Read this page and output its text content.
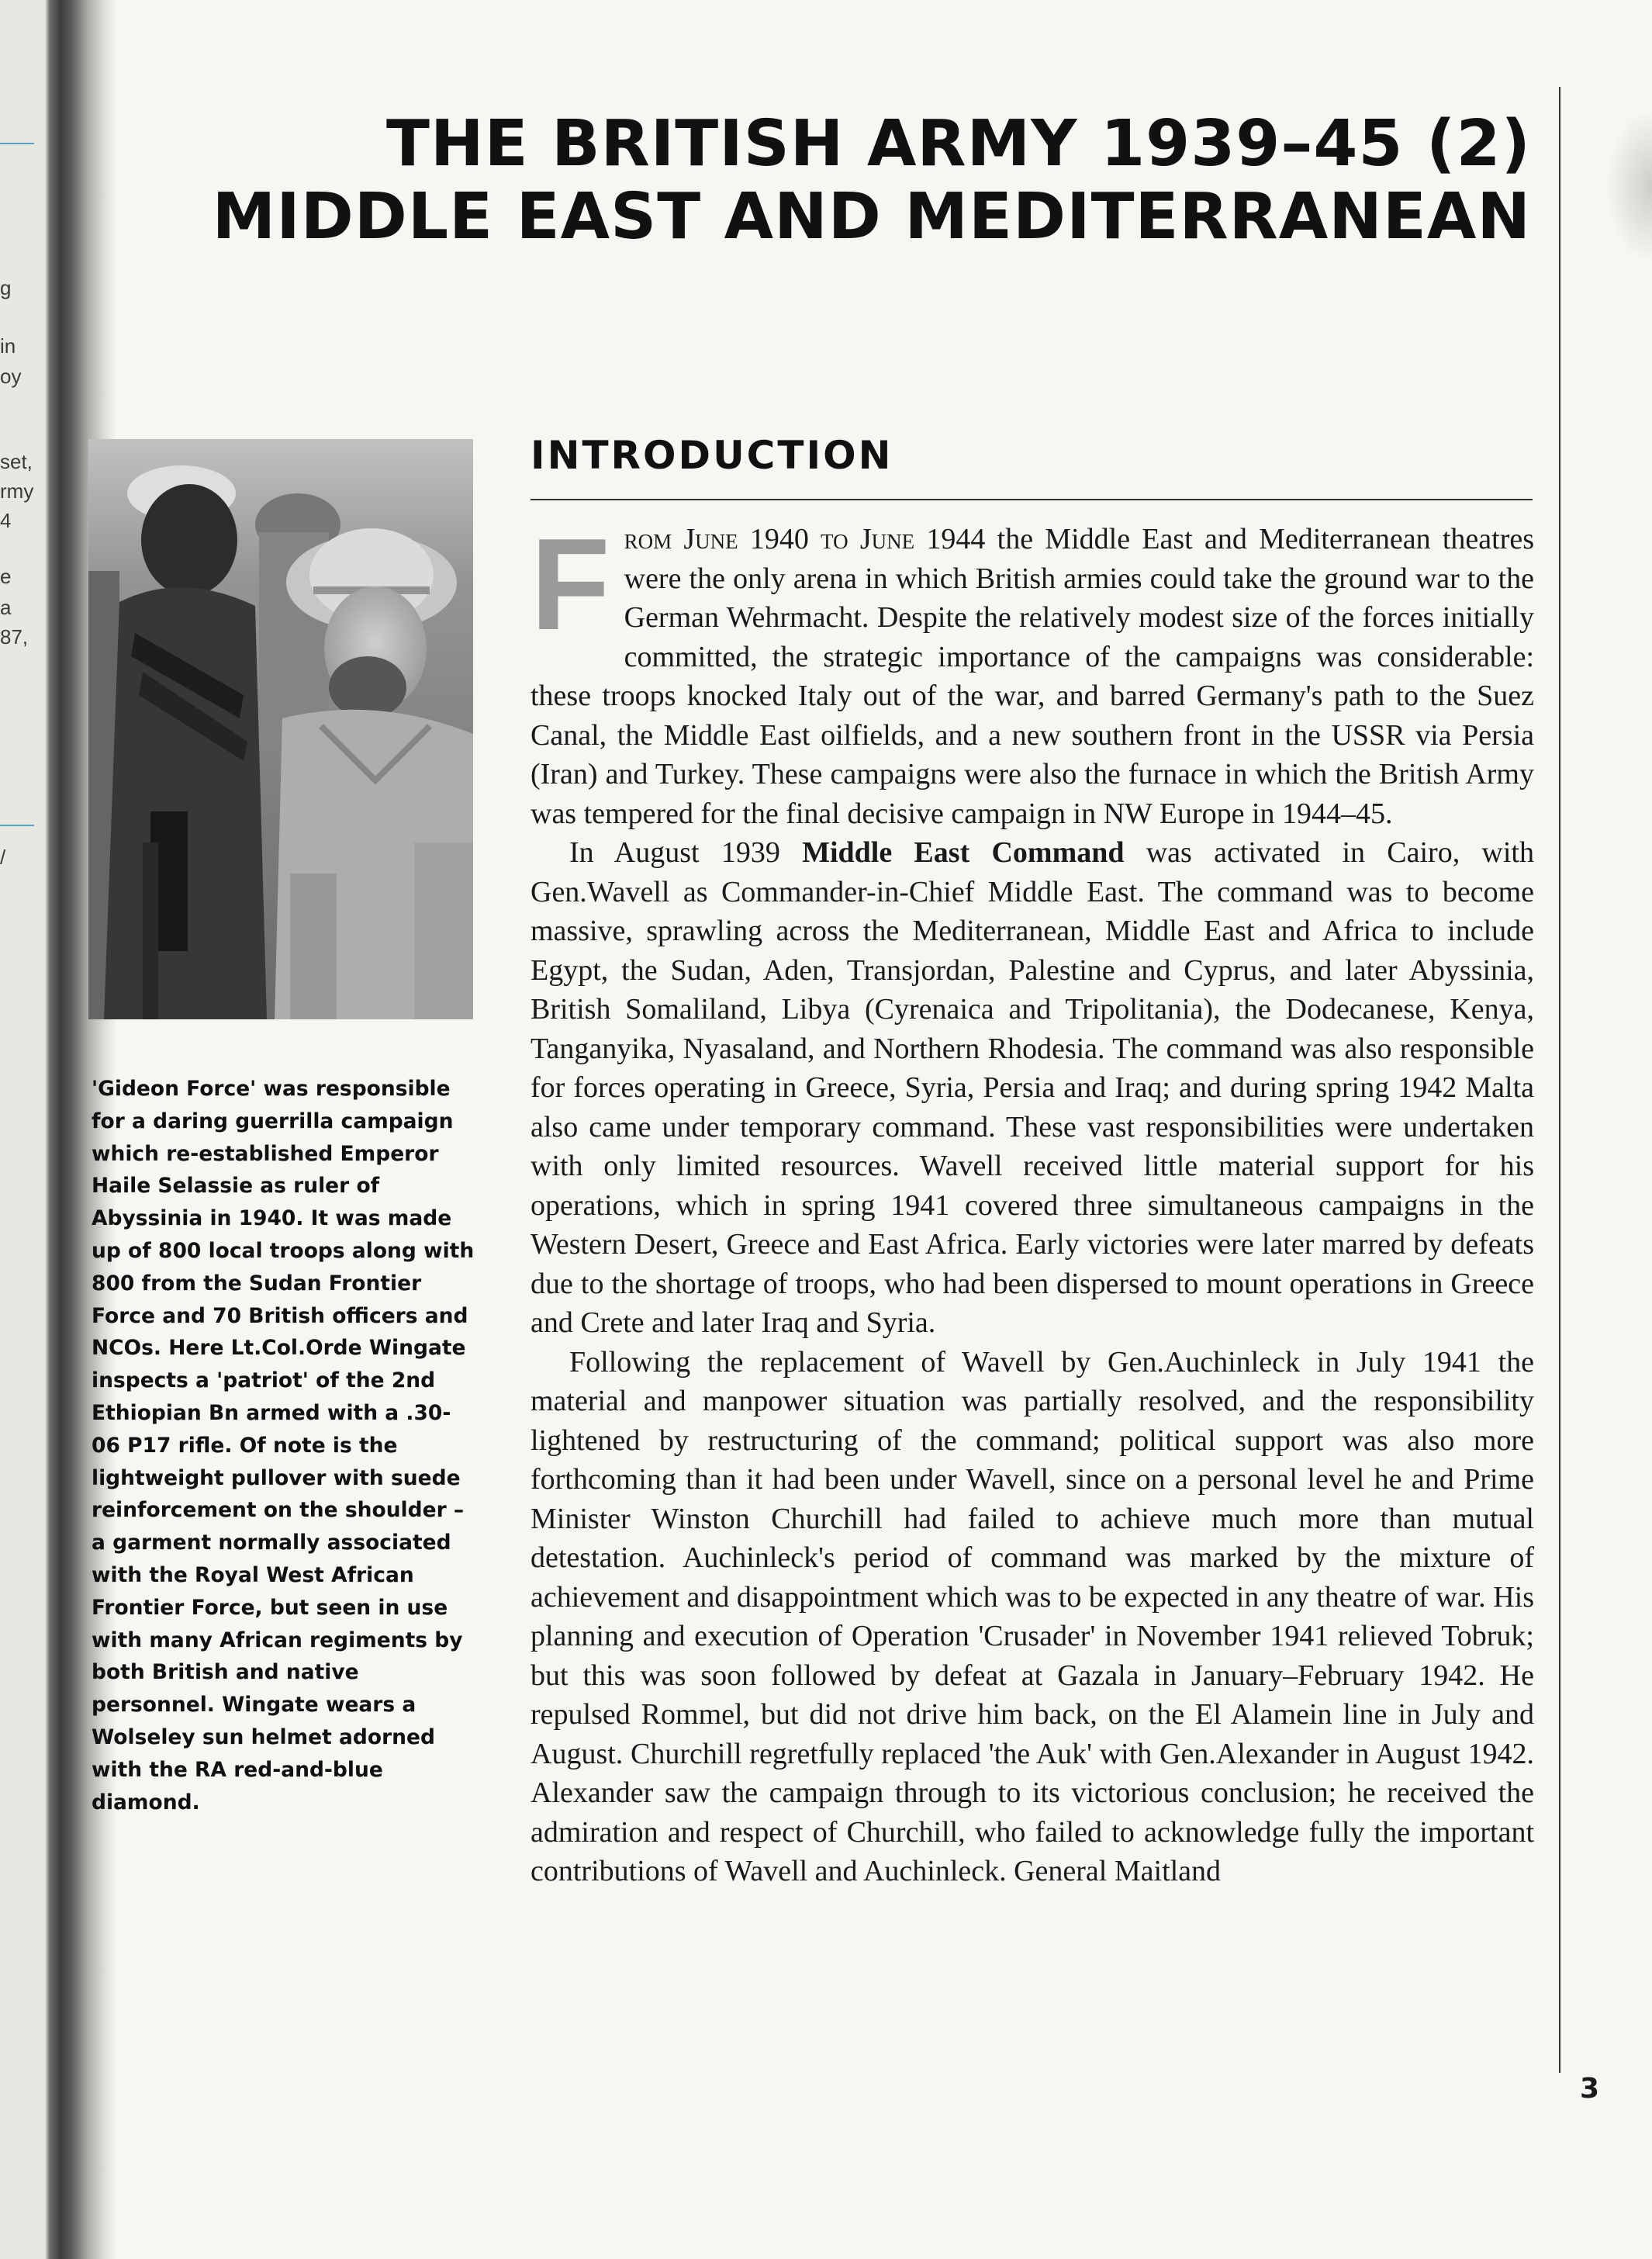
g
in
oy
set,
rmy
4
e
a
87,
/
THE BRITISH ARMY 1939–45 (2)
MIDDLE EAST AND MEDITERRANEAN
3

'Gideon Force' was responsible for a daring guerrilla campaign which re-established Emperor Haile Selassie as ruler of Abyssinia in 1940. It was made up of 800 local troops along with 800 from the Sudan Frontier Force and 70 British officers and NCOs. Here Lt.Col.Orde Wingate inspects a 'patriot' of the 2nd Ethiopian Bn armed with a .30-06 P17 rifle. Of note is the lightweight pullover with suede reinforcement on the shoulder – a garment normally associated with the Royal West African Frontier Force, but seen in use with many African regiments by both British and native personnel. Wingate wears a Wolseley sun helmet adorned with the RA red-and-blue diamond.

INTRODUCTION

From June 1940 to June 1944 the Middle East and Mediterranean theatres were the only arena in which British armies could take the ground war to the German Wehrmacht. Despite the relatively modest size of the forces initially committed, the strategic importance of the campaigns was considerable: these troops knocked Italy out of the war, and barred Germany's path to the Suez Canal, the Middle East oilfields, and a new southern front in the USSR via Persia (Iran) and Turkey. These campaigns were also the furnace in which the British Army was tempered for the final decisive campaign in NW Europe in 1944–45.

In August 1939 Middle East Command was activated in Cairo, with Gen.Wavell as Commander-in-Chief Middle East. The command was to become massive, sprawling across the Mediterranean, Middle East and Africa to include Egypt, the Sudan, Aden, Transjordan, Palestine and Cyprus, and later Abyssinia, British Somaliland, Libya (Cyrenaica and Tripolitania), the Dodecanese, Kenya, Tanganyika, Nyasaland, and Northern Rhodesia. The command was also responsible for forces operating in Greece, Syria, Persia and Iraq; and during spring 1942 Malta also came under temporary command. These vast responsibilities were undertaken with only limited resources. Wavell received little material support for his operations, which in spring 1941 covered three simultaneous campaigns in the Western Desert, Greece and East Africa. Early victories were later marred by defeats due to the shortage of troops, who had been dispersed to mount operations in Greece and Crete and later Iraq and Syria.

Following the replacement of Wavell by Gen.Auchinleck in July 1941 the material and manpower situation was partially resolved, and the responsibility lightened by restructuring of the command; political support was also more forthcoming than it had been under Wavell, since on a personal level he and Prime Minister Winston Churchill had failed to achieve much more than mutual detestation. Auchinleck's period of command was marked by the mixture of achievement and disappointment which was to be expected in any theatre of war. His planning and execution of Operation 'Crusader' in November 1941 relieved Tobruk; but this was soon followed by defeat at Gazala in January–February 1942. He repulsed Rommel, but did not drive him back, on the El Alamein line in July and August. Churchill regretfully replaced 'the Auk' with Gen.Alexander in August 1942. Alexander saw the campaign through to its victorious conclusion; he received the admiration and respect of Churchill, who failed to acknowledge fully the important contributions of Wavell and Auchinleck. General Maitland
